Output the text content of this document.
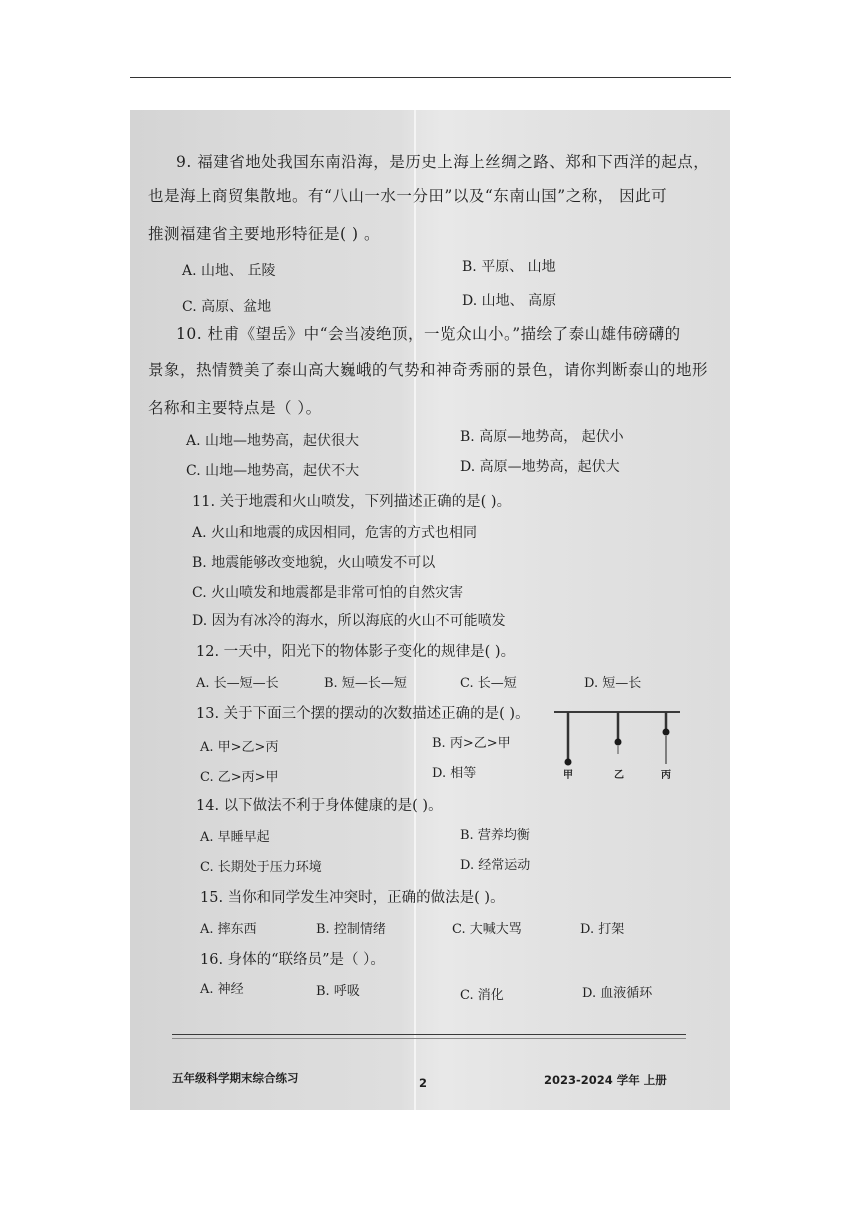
9. 福建省地处我国东南沿海，是历史上海上丝绸之路、郑和下西洋的起点，
也是海上商贸集散地。有“八山一水一分田”以及“东南山国”之称， 因此可
推测福建省主要地形特征是( ) 。
A. 山地、 丘陵	B. 平原、 山地
C. 高原、盆地	D. 山地、 高原
10. 杜甫《望岳》中“会当凌绝顶，一览众山小。”描绘了泰山雄伟磅礴的
景象，热情赞美了泰山高大巍峨的气势和神奇秀丽的景色，请你判断泰山的地形
名称和主要特点是（ ）。
A. 山地—地势高，起伏很大	B. 高原—地势高， 起伏小
C. 山地—地势高，起伏不大	D. 高原—地势高，起伏大
11. 关于地震和火山喷发，下列描述正确的是( )。
A. 火山和地震的成因相同，危害的方式也相同
B. 地震能够改变地貌，火山喷发不可以
C. 火山喷发和地震都是非常可怕的自然灾害
D. 因为有冰冷的海水，所以海底的火山不可能喷发
12. 一天中，阳光下的物体影子变化的规律是( )。
A. 长—短—长	B. 短—长—短	C. 长—短	D. 短—长
13. 关于下面三个摆的摆动的次数描述正确的是( )。
A. 甲>乙>丙	B. 丙>乙>甲
C. 乙>丙>甲	D. 相等	甲	乙	丙
14. 以下做法不利于身体健康的是( )。
A. 早睡早起	B. 营养均衡
C. 长期处于压力环境	D. 经常运动
15. 当你和同学发生冲突时，正确的做法是( )。
A. 摔东西	B. 控制情绪	C. 大喊大骂	D. 打架
16. 身体的“联络员”是（ ）。
A. 神经	B. 呼吸	C. 消化	D. 血液循环
五年级科学期末综合练习	2	2023-2024 学年 上册
